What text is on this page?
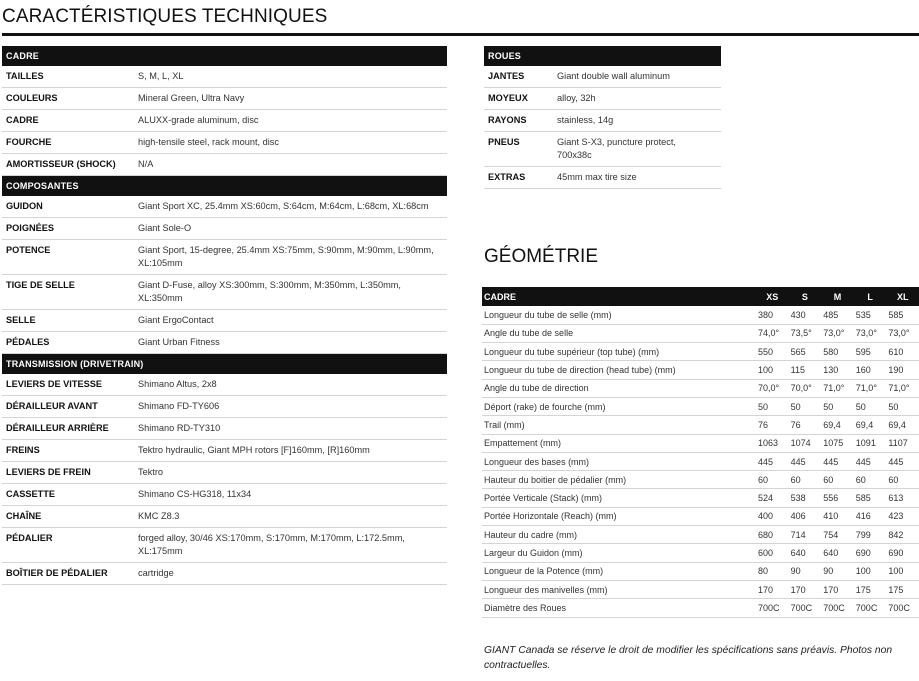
CARACTÉRISTIQUES TECHNIQUES
CADRE
TAILLES	S, M, L, XL
COULEURS	Mineral Green, Ultra Navy
CADRE	ALUXX-grade aluminum, disc
FOURCHE	high-tensile steel, rack mount, disc
AMORTISSEUR (SHOCK)	N/A
COMPOSANTES
GUIDON	Giant Sport XC, 25.4mm XS:60cm, S:64cm, M:64cm, L:68cm, XL:68cm
POIGNÉES	Giant Sole-O
POTENCE	Giant Sport, 15-degree, 25.4mm XS:75mm, S:90mm, M:90mm, L:90mm, XL:105mm
TIGE DE SELLE	Giant D-Fuse, alloy XS:300mm, S:300mm, M:350mm, L:350mm, XL:350mm
SELLE	Giant ErgoContact
PÉDALES	Giant Urban Fitness
TRANSMISSION (DRIVETRAIN)
LEVIERS DE VITESSE	Shimano Altus, 2x8
DÉRAILLEUR AVANT	Shimano FD-TY606
DÉRAILLEUR ARRIÈRE	Shimano RD-TY310
FREINS	Tektro hydraulic, Giant MPH rotors [F]160mm, [R]160mm
LEVIERS DE FREIN	Tektro
CASSETTE	Shimano CS-HG318, 11x34
CHAÎNE	KMC Z8.3
PÉDALIER	forged alloy, 30/46 XS:170mm, S:170mm, M:170mm, L:172.5mm, XL:175mm
BOÎTIER DE PÉDALIER	cartridge
ROUES
JANTES	Giant double wall aluminum
MOYEUX	alloy, 32h
RAYONS	stainless, 14g
PNEUS	Giant S-X3, puncture protect, 700x38c
EXTRAS	45mm max tire size
GÉOMÉTRIE
CADRE	XS	S	M	L	XL
Longueur du tube de selle (mm)	380	430	485	535	585
Angle du tube de selle	74,0°	73,5°	73,0°	73,0°	73,0°
Longueur du tube supérieur (top tube) (mm)	550	565	580	595	610
Longueur du tube de direction (head tube) (mm)	100	115	130	160	190
Angle du tube de direction	70,0°	70,0°	71,0°	71,0°	71,0°
Déport (rake) de fourche (mm)	50	50	50	50	50
Trail (mm)	76	76	69,4	69,4	69,4
Empattement (mm)	1063	1074	1075	1091	1107
Longueur des bases (mm)	445	445	445	445	445
Hauteur du boitier de pédalier (mm)	60	60	60	60	60
Portée Verticale (Stack) (mm)	524	538	556	585	613
Portée Horizontale (Reach) (mm)	400	406	410	416	423
Hauteur du cadre (mm)	680	714	754	799	842
Largeur du Guidon (mm)	600	640	640	690	690
Longueur de la Potence (mm)	80	90	90	100	100
Longueur des manivelles (mm)	170	170	170	175	175
Diamètre des Roues	700C	700C	700C	700C	700C

GIANT Canada se réserve le droit de modifier les spécifications sans préavis. Photos non contractuelles.
